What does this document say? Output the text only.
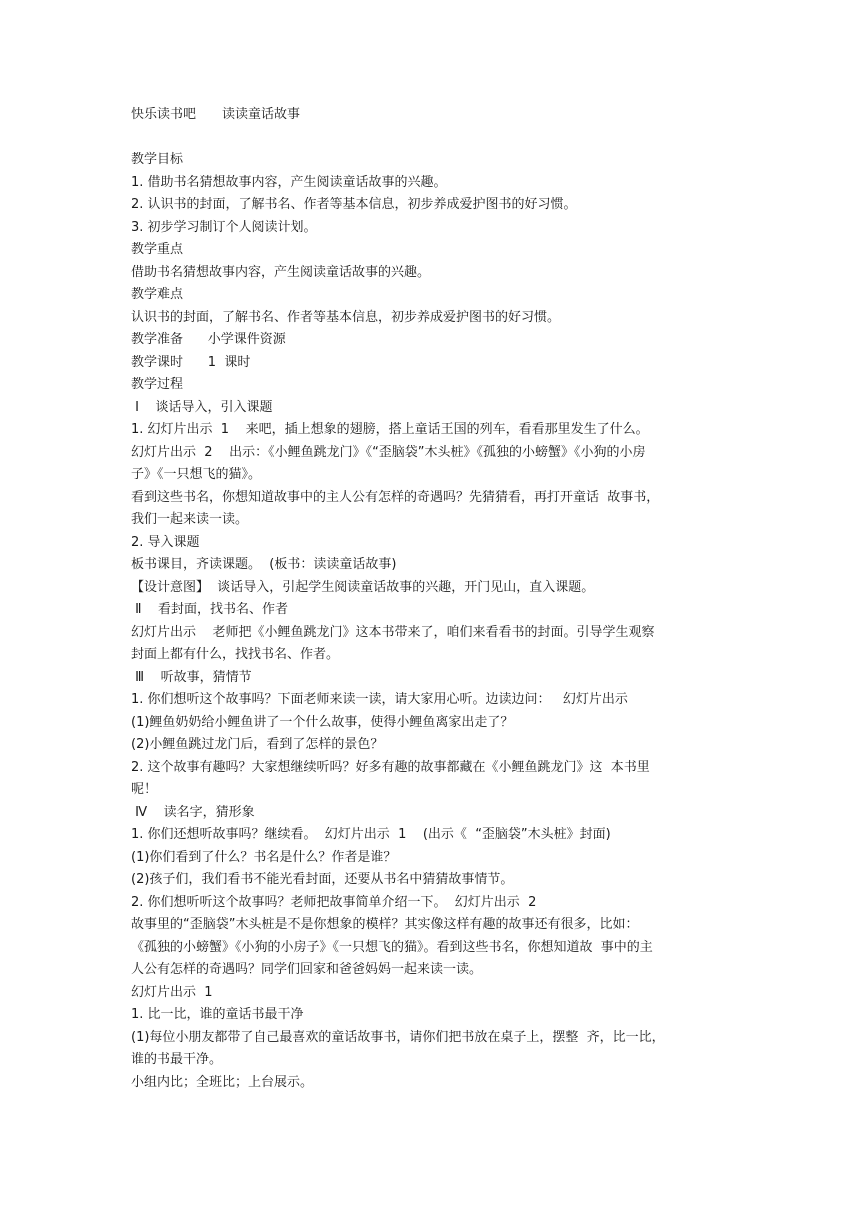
快乐读书吧 读读童话故事

教学目标

1. 借助书名猜想故事内容，产生阅读童话故事的兴趣。

2. 认识书的封面，了解书名、作者等基本信息，初步养成爱护图书的好习惯。

3. 初步学习制订个人阅读计划。

教学重点

借助书名猜想故事内容，产生阅读童话故事的兴趣。

教学难点

认识书的封面，了解书名、作者等基本信息，初步养成爱护图书的好习惯。

教学准备      小学课件资源

教学课时      1  课时

教学过程

Ⅰ    谈话导入，引入课题

1. 幻灯片出示  1    来吧，插上想象的翅膀，搭上童话王国的列车，看看那里发生了什么。

幻灯片出示  2    出示：《小鲤鱼跳龙门》《“歪脑袋”木头桩》《孤独的小螃蟹》《小狗的小房

子》《一只想飞的猫》。

看到这些书名，你想知道故事中的主人公有怎样的奇遇吗？先猜猜看，再打开童话  故事书，

我们一起来读一读。

2. 导入课题

板书课目，齐读课题。  (板书：读读童话故事)

【设计意图】  谈话导入，引起学生阅读童话故事的兴趣，开门见山，直入课题。

Ⅱ    看封面，找书名、作者

幻灯片出示    老师把《小鲤鱼跳龙门》这本书带来了，咱们来看看书的封面。引导学生观察

封面上都有什么，找找书名、作者。

Ⅲ    听故事，猜情节

1. 你们想听这个故事吗？下面老师来读一读，请大家用心听。边读边问：   幻灯片出示

(1)鲤鱼奶奶给小鲤鱼讲了一个什么故事，使得小鲤鱼离家出走了？

(2)小鲤鱼跳过龙门后，看到了怎样的景色？

2. 这个故事有趣吗？大家想继续听吗？好多有趣的故事都藏在《小鲤鱼跳龙门》这  本书里

呢！

Ⅳ    读名字，猜形象

1. 你们还想听故事吗？继续看。  幻灯片出示  1    (出示《  “歪脑袋”木头桩》封面)

(1)你们看到了什么？书名是什么？作者是谁？

(2)孩子们，我们看书不能光看封面，还要从书名中猜猜故事情节。

2. 你们想听听这个故事吗？老师把故事简单介绍一下。  幻灯片出示  2

故事里的“歪脑袋”木头桩是不是你想象的模样？其实像这样有趣的故事还有很多，比如：

《孤独的小螃蟹》《小狗的小房子》《一只想飞的猫》。看到这些书名，你想知道故  事中的主

人公有怎样的奇遇吗？同学们回家和爸爸妈妈一起来读一读。

幻灯片出示  1

1. 比一比，谁的童话书最干净

(1)每位小朋友都带了自己最喜欢的童话故事书，请你们把书放在桌子上，摆整  齐，比一比，

谁的书最干净。

小组内比；全班比；上台展示。
